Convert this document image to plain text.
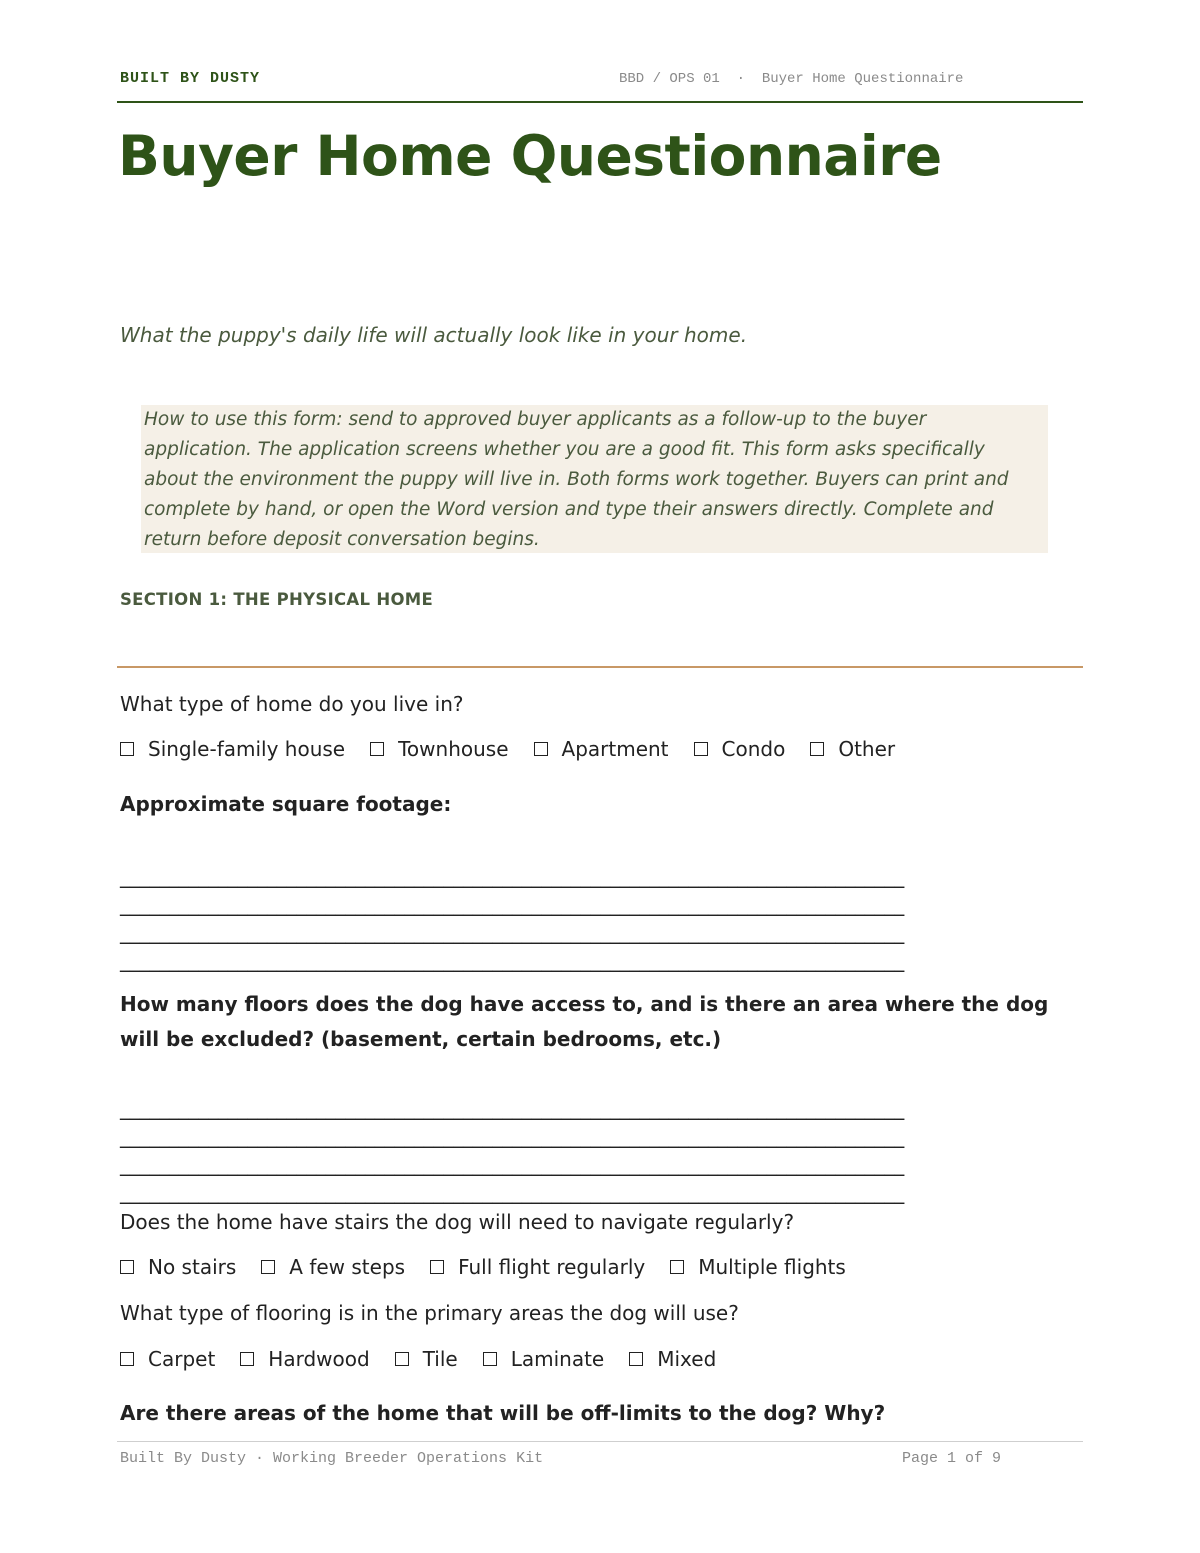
BUILT BY DUSTY	BBD / OPS 01  ·  Buyer Home Questionnaire
Buyer Home Questionnaire
What the puppy's daily life will actually look like in your home.

How to use this form: send to approved buyer applicants as a follow-up to the buyer application. The application screens whether you are a good fit. This form asks specifically about the environment the puppy will live in. Both forms work together. Buyers can print and complete by hand, or open the Word version and type their answers directly. Complete and return before deposit conversation begins.

SECTION 1: THE PHYSICAL HOME
What type of home do you live in?
Single-family house	Townhouse	Apartment	Condo	Other
Approximate square footage:
________________________________________________________________________________
________________________________________________________________________________
________________________________________________________________________________
________________________________________________________________________________
How many floors does the dog have access to, and is there an area where the dog will be excluded? (basement, certain bedrooms, etc.)
________________________________________________________________________________
________________________________________________________________________________
________________________________________________________________________________
________________________________________________________________________________
Does the home have stairs the dog will need to navigate regularly?
No stairs	A few steps	Full flight regularly	Multiple flights
What type of flooring is in the primary areas the dog will use?
Carpet	Hardwood	Tile	Laminate	Mixed
Are there areas of the home that will be off-limits to the dog? Why?
Built By Dusty · Working Breeder Operations Kit	Page 1 of 9
